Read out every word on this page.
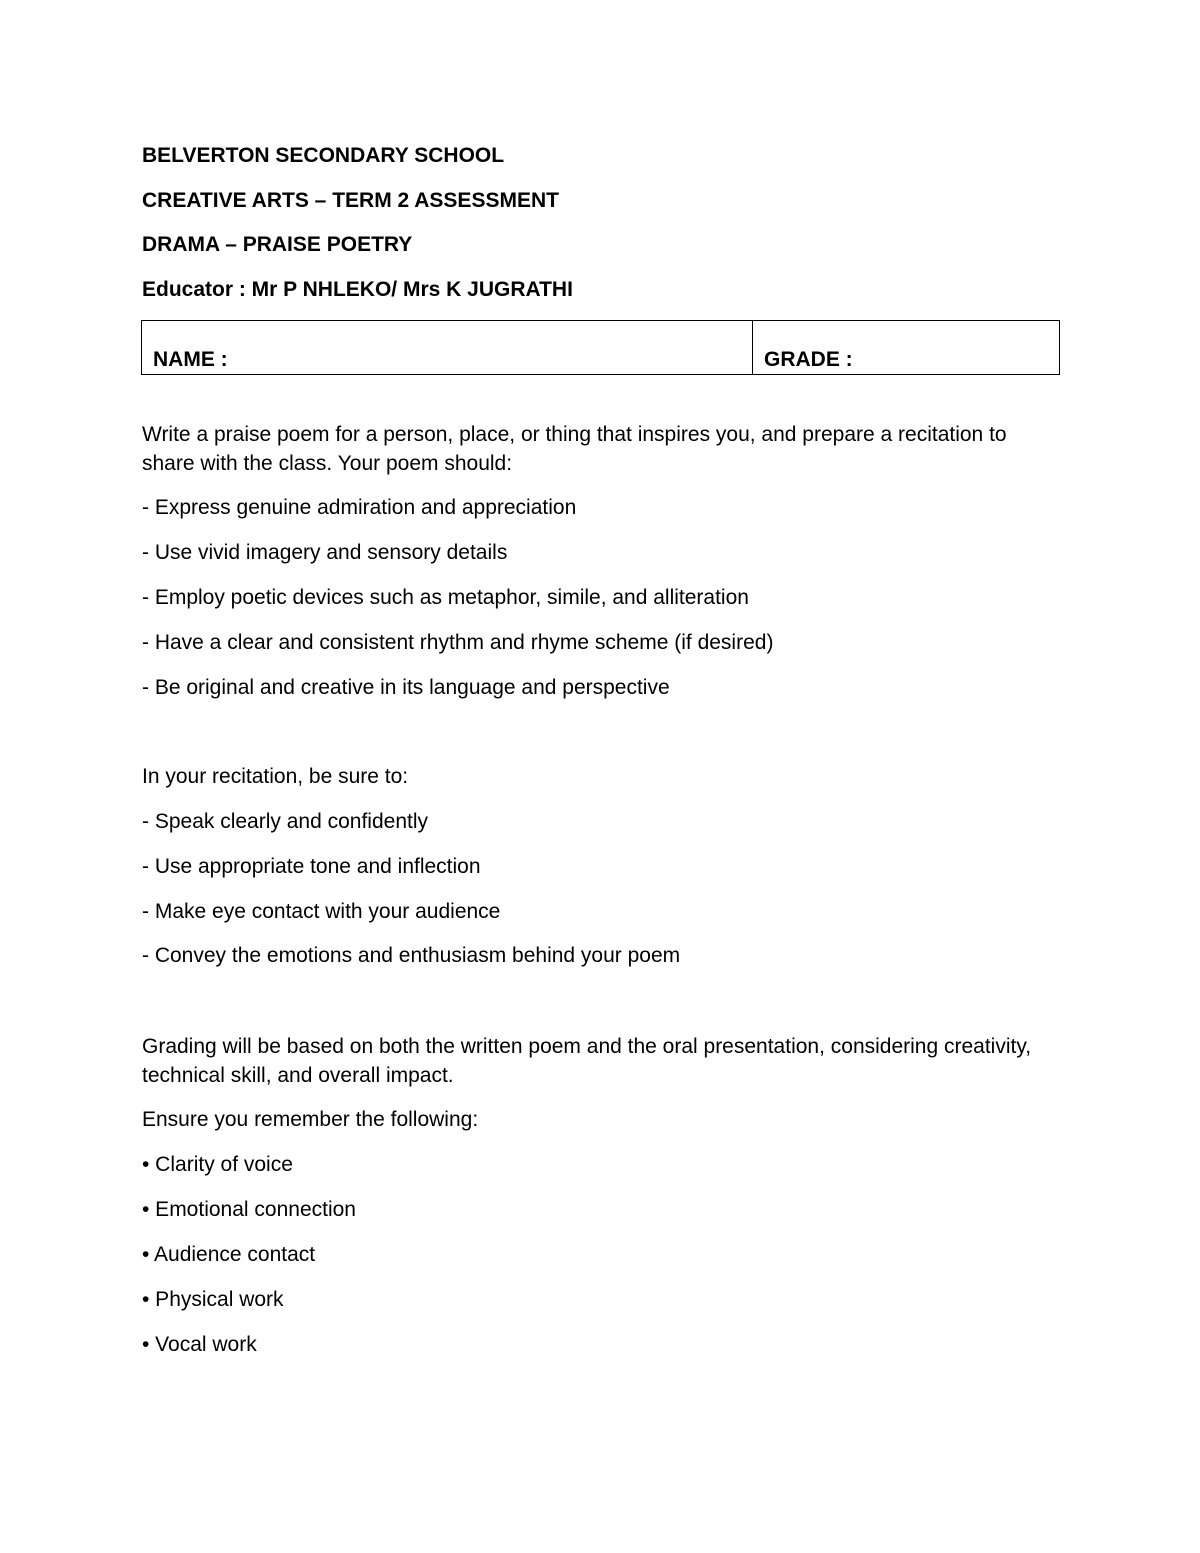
BELVERTON SECONDARY SCHOOL
CREATIVE ARTS – TERM 2 ASSESSMENT
DRAMA – PRAISE POETRY
Educator : Mr P NHLEKO/ Mrs K JUGRATHI
NAME :	GRADE :
Write a praise poem for a person, place, or thing that inspires you, and prepare a recitation to share with the class. Your poem should:
- Express genuine admiration and appreciation
- Use vivid imagery and sensory details
- Employ poetic devices such as metaphor, simile, and alliteration
- Have a clear and consistent rhythm and rhyme scheme (if desired)
- Be original and creative in its language and perspective
In your recitation, be sure to:
- Speak clearly and confidently
- Use appropriate tone and inflection
- Make eye contact with your audience
- Convey the emotions and enthusiasm behind your poem
Grading will be based on both the written poem and the oral presentation, considering creativity, technical skill, and overall impact.
Ensure you remember the following:
• Clarity of voice
• Emotional connection
• Audience contact
• Physical work
• Vocal work
